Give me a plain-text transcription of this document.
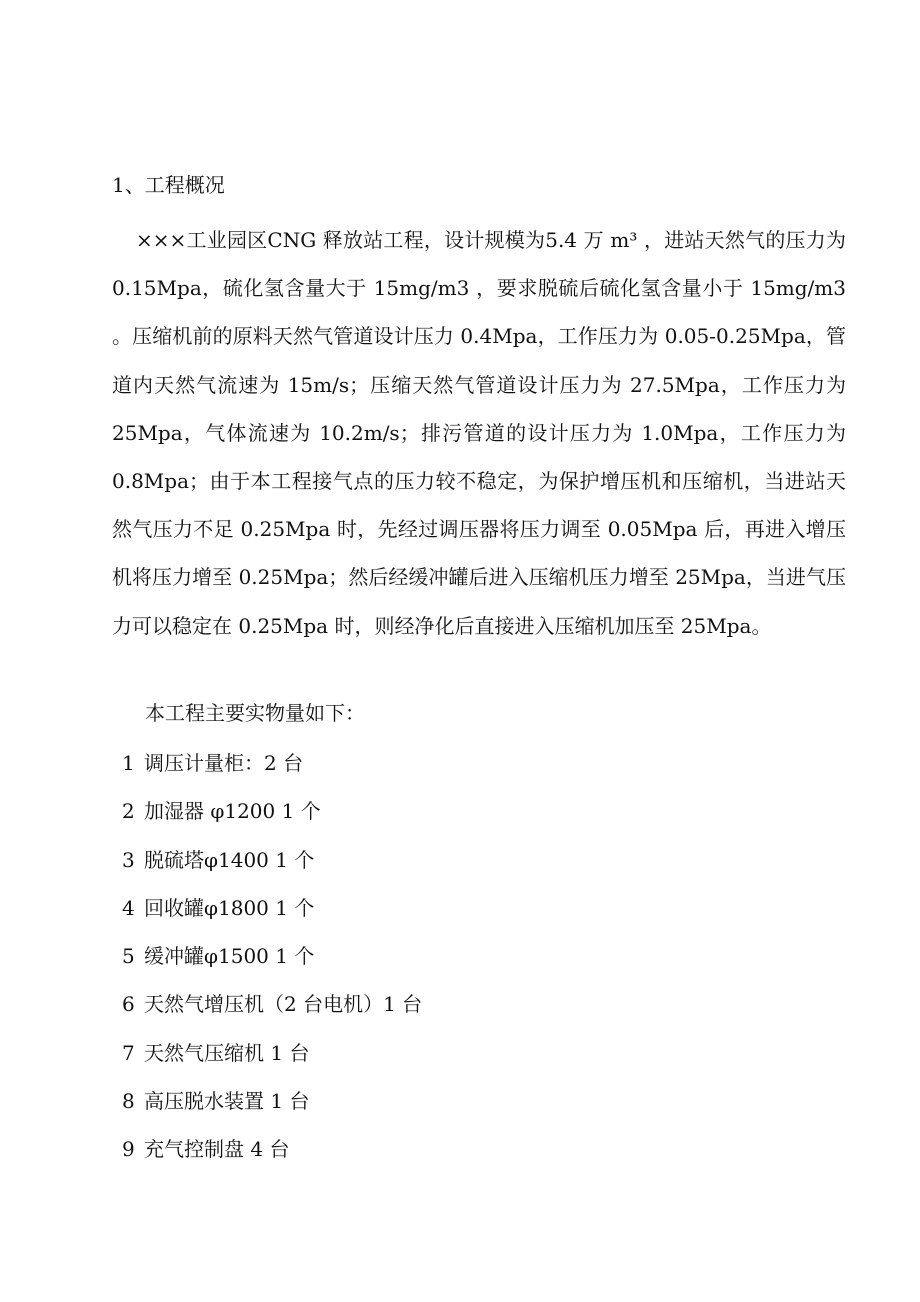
1、工程概况

×××工业园区CNG 释放站工程，设计规模为5.4 万 m³ ，进站天然气的压力为 0.15Mpa，硫化氢含量大于 15mg/m3 ，要求脱硫后硫化氢含量小于 15mg/m3 。压缩机前的原料天然气管道设计压力 0.4Mpa，工作压力为 0.05-0.25Mpa，管道内天然气流速为 15m/s；压缩天然气管道设计压力为 27.5Mpa，工作压力为 25Mpa，气体流速为 10.2m/s；排污管道的设计压力为 1.0Mpa，工作压力为 0.8Mpa；由于本工程接气点的压力较不稳定，为保护增压机和压缩机，当进站天然气压力不足 0.25Mpa 时，先经过调压器将压力调至 0.05Mpa 后，再进入增压机将压力增至 0.25Mpa；然后经缓冲罐后进入压缩机压力增至 25Mpa，当进气压力可以稳定在 0.25Mpa 时，则经净化后直接进入压缩机加压至 25Mpa。

本工程主要实物量如下：
1 调压计量柜：2 台
2 加湿器 φ1200 1 个
3 脱硫塔φ1400 1 个
4 回收罐φ1800 1 个
5 缓冲罐φ1500 1 个
6 天然气增压机（2 台电机）1 台
7 天然气压缩机 1 台
8 高压脱水装置 1 台
9 充气控制盘 4 台
